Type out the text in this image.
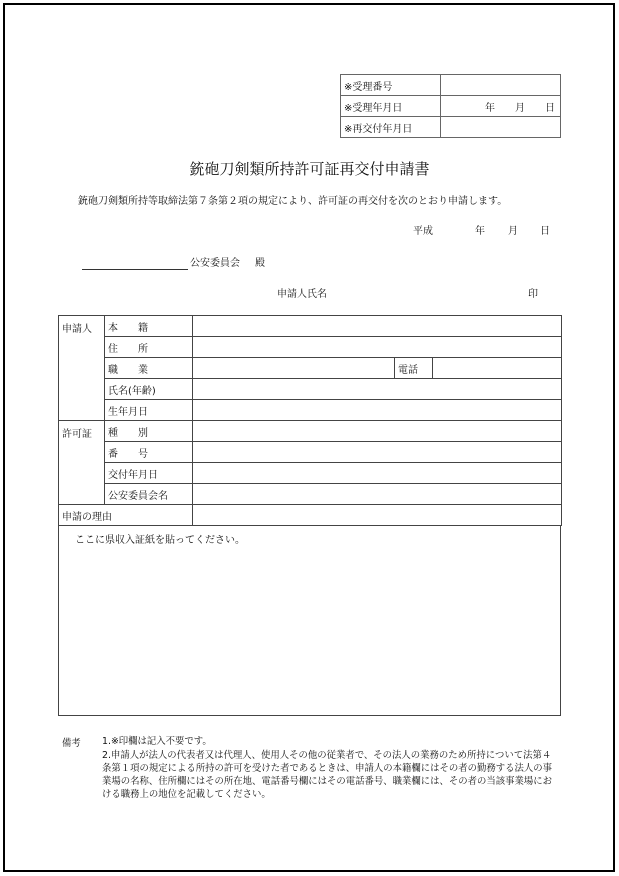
※受理番号	
※受理年月日	年 月 日

※再交付年月日	
銃砲刀剣類所持許可証再交付申請書
銃砲刀剣類所持等取締法第７条第２項の規定により、許可証の再交付を次のとおり申請します。
平成	年 月 日
公安委員会 殿
申請人氏名	印
申請人	本 籍			

	住 所			

	職 業		電話	
	氏名(年齢)			
	生年月日			
許可証	種 別			

	番 号			

	交付年月日			
	公安委員会名			
申請の理由				
ここに県収入証紙を貼ってください。
備考 1.※印欄は記入不要です。
2.申請人が法人の代表者又は代理人、使用人その他の従業者で、その法人の業務のため所持について法第４
条第１項の規定による所持の許可を受けた者であるときは、申請人の本籍欄にはその者の勤務する法人の事
業場の名称、住所欄にはその所在地、電話番号欄にはその電話番号、職業欄には、その者の当該事業場にお
ける職務上の地位を記載してください。
